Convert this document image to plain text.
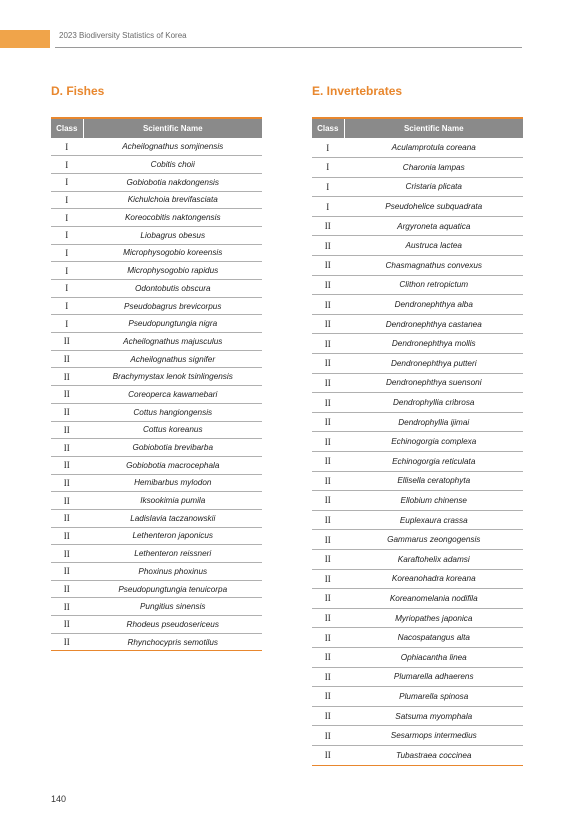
2023 Biodiversity Statistics of Korea
D. Fishes	E. Invertebrates
Class	Scientific Name
I	Acheilognathus somjinensis
I	Cobitis choii
I	Gobiobotia nakdongensis
I	Kichulchoia brevifasciata
I	Koreocobitis naktongensis
I	Liobagrus obesus
I	Microphysogobio koreensis
I	Microphysogobio rapidus
I	Odontobutis obscura
I	Pseudobagrus brevicorpus
I	Pseudopungtungia nigra
II	Acheilognathus majusculus
II	Acheilognathus signifer
II	Brachymystax lenok tsinlingensis
II	Coreoperca kawamebari
II	Cottus hangiongensis
II	Cottus koreanus
II	Gobiobotia brevibarba
II	Gobiobotia macrocephala
II	Hemibarbus mylodon
II	Iksookimia pumila
II	Ladislavia taczanowskii
II	Lethenteron japonicus
II	Lethenteron reissneri
II	Phoxinus phoxinus
II	Pseudopungtungia tenuicorpa
II	Pungitius sinensis
II	Rhodeus pseudosericeus
II	Rhynchocypris semotilus
Class	Scientific Name
I	Aculamprotula coreana
I	Charonia lampas
I	Cristaria plicata
I	Pseudohelice subquadrata
II	Argyroneta aquatica
II	Austruca lactea
II	Chasmagnathus convexus
II	Clithon retropictum
II	Dendronephthya alba
II	Dendronephthya castanea
II	Dendronephthya mollis
II	Dendronephthya putteri
II	Dendronephthya suensoni
II	Dendrophyllia cribrosa
II	Dendrophyllia ijimai
II	Echinogorgia complexa
II	Echinogorgia reticulata
II	Ellisella ceratophyta
II	Ellobium chinense
II	Euplexaura crassa
II	Gammarus zeongogensis
II	Karaftohelix adamsi
II	Koreanohadra koreana
II	Koreanomelania nodifila
II	Myriopathes japonica
II	Nacospatangus alta
II	Ophiacantha linea
II	Plumarella adhaerens
II	Plumarella spinosa
II	Satsuma myomphala
II	Sesarmops intermedius
II	Tubastraea coccinea
140
